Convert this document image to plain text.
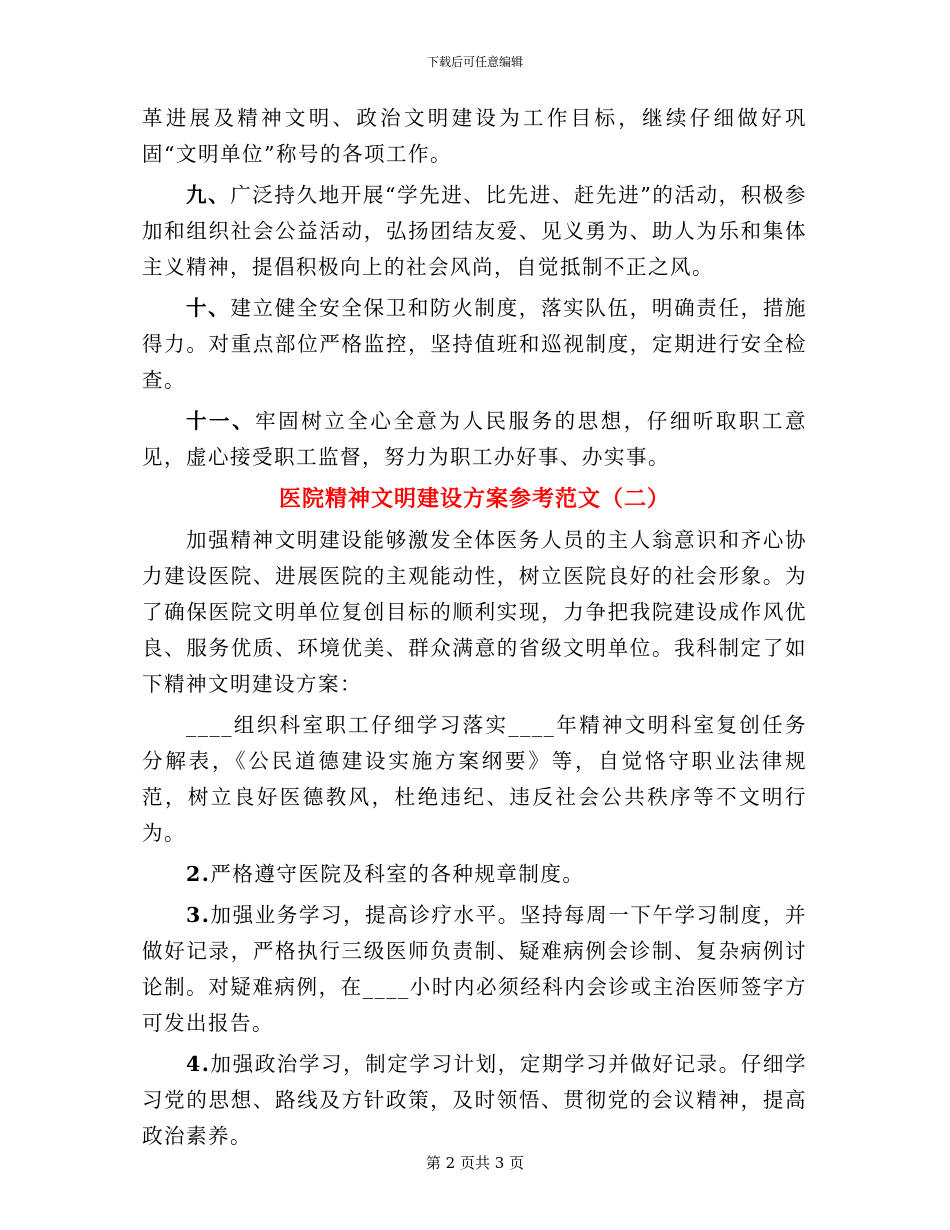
下载后可任意编辑

革进展及精神文明、政治文明建设为工作目标，继续仔细做好巩固“文明单位”称号的各项工作。

九、广泛持久地开展“学先进、比先进、赶先进”的活动，积极参加和组织社会公益活动，弘扬团结友爱、见义勇为、助人为乐和集体主义精神，提倡积极向上的社会风尚，自觉抵制不正之风。

十、建立健全安全保卫和防火制度，落实队伍，明确责任，措施得力。对重点部位严格监控，坚持值班和巡视制度，定期进行安全检查。

十一、牢固树立全心全意为人民服务的思想，仔细听取职工意见，虚心接受职工监督，努力为职工办好事、办实事。

医院精神文明建设方案参考范文（二）

加强精神文明建设能够激发全体医务人员的主人翁意识和齐心协力建设医院、进展医院的主观能动性，树立医院良好的社会形象。为了确保医院文明单位复创目标的顺利实现，力争把我院建设成作风优良、服务优质、环境优美、群众满意的省级文明单位。我科制定了如下精神文明建设方案：

____组织科室职工仔细学习落实____年精神文明科室复创任务分解表，《公民道德建设实施方案纲要》等，自觉恪守职业法律规范，树立良好医德教风，杜绝违纪、违反社会公共秩序等不文明行为。

2.严格遵守医院及科室的各种规章制度。

3.加强业务学习，提高诊疗水平。坚持每周一下午学习制度，并做好记录，严格执行三级医师负责制、疑难病例会诊制、复杂病例讨论制。对疑难病例，在____小时内必须经科内会诊或主治医师签字方可发出报告。

4.加强政治学习，制定学习计划，定期学习并做好记录。仔细学习党的思想、路线及方针政策，及时领悟、贯彻党的会议精神，提高政治素养。

第 2 页共 3 页
